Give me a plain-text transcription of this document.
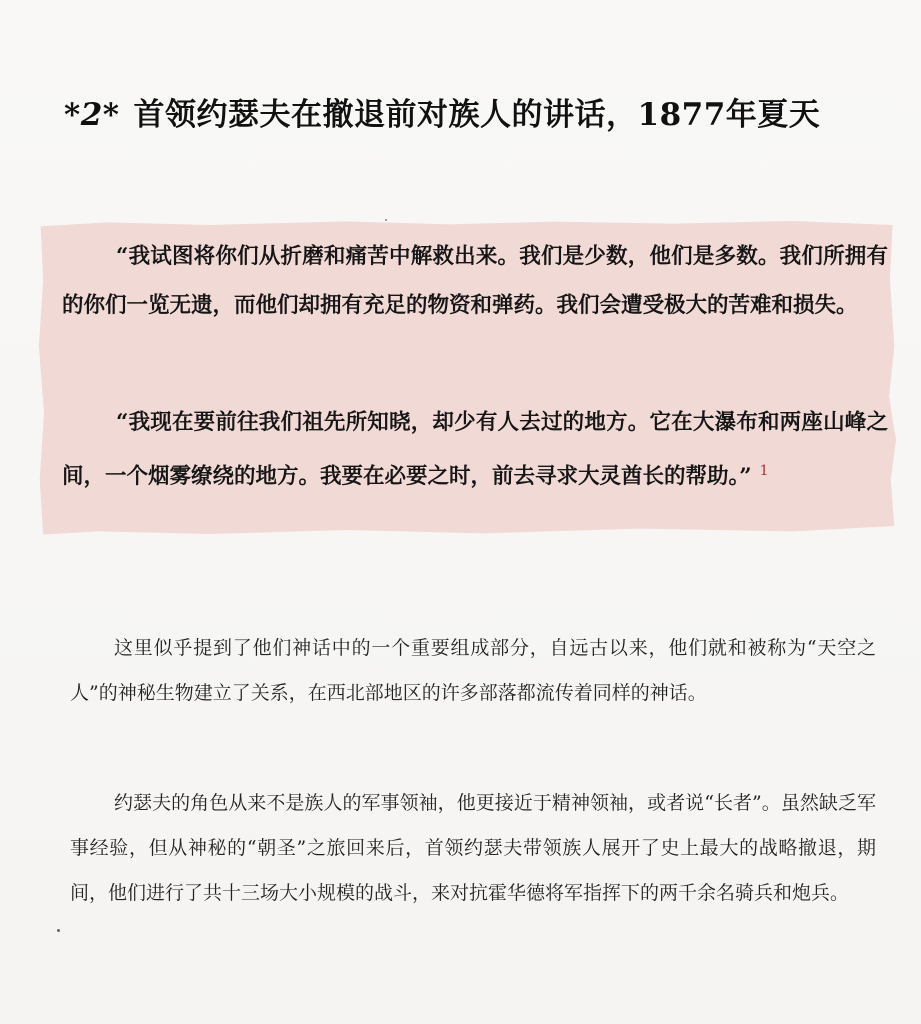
*2* 首领约瑟夫在撤退前对族人的讲话，1877年夏天

“我试图将你们从折磨和痛苦中解救出来。我们是少数，他们是多数。我们所拥有的你们一览无遗，而他们却拥有充足的物资和弹药。我们会遭受极大的苦难和损失。

“我现在要前往我们祖先所知晓，却少有人去过的地方。它在大瀑布和两座山峰之间，一个烟雾缭绕的地方。我要在必要之时，前去寻求大灵酋长的帮助。” $^1$

这里似乎提到了他们神话中的一个重要组成部分，自远古以来，他们就和被称为“天空之人”的神秘生物建立了关系，在西北部地区的许多部落都流传着同样的神话。

约瑟夫的角色从来不是族人的军事领袖，他更接近于精神领袖，或者说“长者”。虽然缺乏军事经验，但从神秘的“朝圣”之旅回来后，首领约瑟夫带领族人展开了史上最大的战略撤退，期间，他们进行了共十三场大小规模的战斗，来对抗霍华德将军指挥下的两千余名骑兵和炮兵。
